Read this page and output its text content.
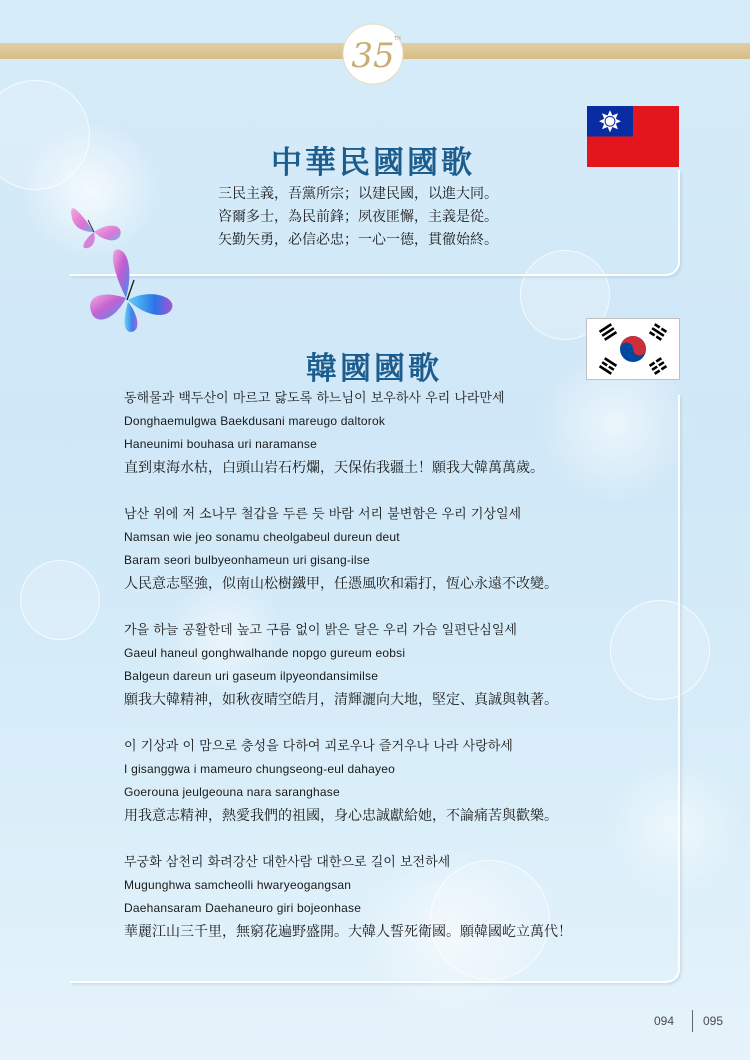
35 TH
中華民國國歌
三民主義，吾黨所宗；以建民國，以進大同。
咨爾多士，為民前鋒；夙夜匪懈，主義是從。
矢勤矢勇，必信必忠；一心一德，貫徹始終。
韓國國歌
동해물과 백두산이 마르고 닳도록 하느님이 보우하사 우리 나라만세
Donghaemulgwa Baekdusani mareugo daltorok
Haneunimi bouhasa uri naramanse
直到東海水枯，白頭山岩石朽爛，天保佑我疆土！願我大韓萬萬歲。
남산 위에 저 소나무 철갑을 두른 듯 바람 서리 불변함은 우리 기상일세
Namsan wie jeo sonamu cheolgabeul dureun deut
Baram seori bulbyeonhameun uri gisang-ilse
人民意志堅強，似南山松樹鐵甲，任憑風吹和霜打，恆心永遠不改變。
가을 하늘 공활한데 높고 구름 없이 밝은 달은 우리 가슴 일편단심일세
Gaeul haneul gonghwalhande nopgo gureum eobsi
Balgeun dareun uri gaseum ilpyeondansimilse
願我大韓精神，如秋夜晴空皓月，清輝灑向大地，堅定、真誠與執著。
이 기상과 이 맘으로 충성을 다하여 괴로우나 즐거우나 나라 사랑하세
I gisanggwa i mameuro chungseong-eul dahayeo
Goerouna jeulgeouna nara saranghase
用我意志精神，熱愛我們的祖國，身心忠誠獻給她，不論痛苦與歡樂。
무궁화 삼천리 화려강산 대한사람 대한으로 길이 보전하세
Mugunghwa samcheolli hwaryeogangsan
Daehansaram Daehaneuro giri bojeonhase
華麗江山三千里，無窮花遍野盛開。大韓人誓死衛國。願韓國屹立萬代！
094 095
